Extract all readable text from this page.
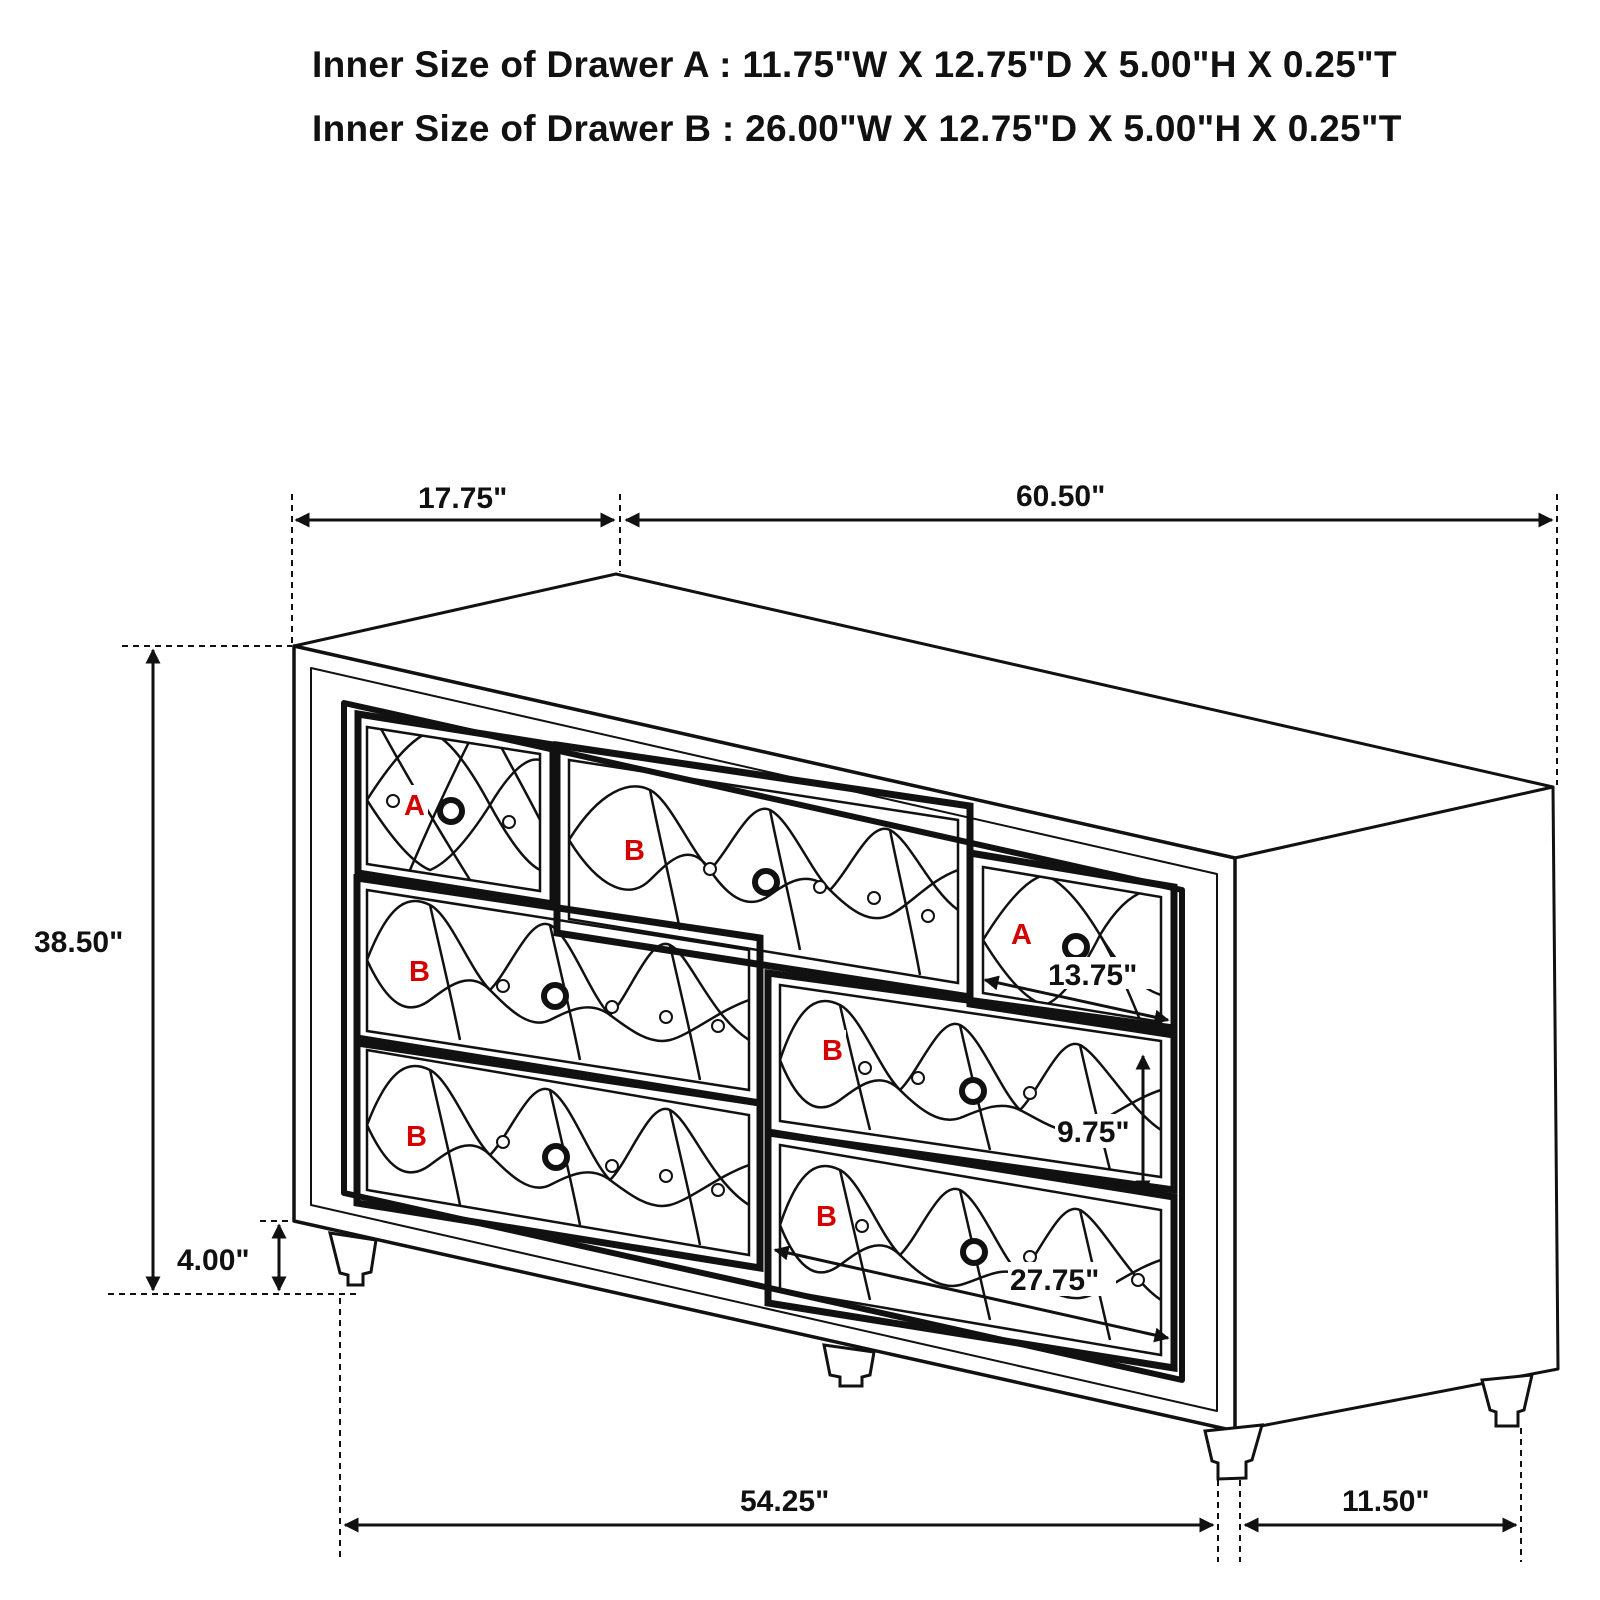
Inner Size of Drawer A : 11.75"W X 12.75"D X 5.00"H X 0.25"T
Inner Size of Drawer B : 26.00"W X 12.75"D X 5.00"H X 0.25"T
A
B
A
B
B
B
B
17.75"	60.50"
38.50"
4.00"
54.25"	11.50"
13.75"
9.75"
27.75"
